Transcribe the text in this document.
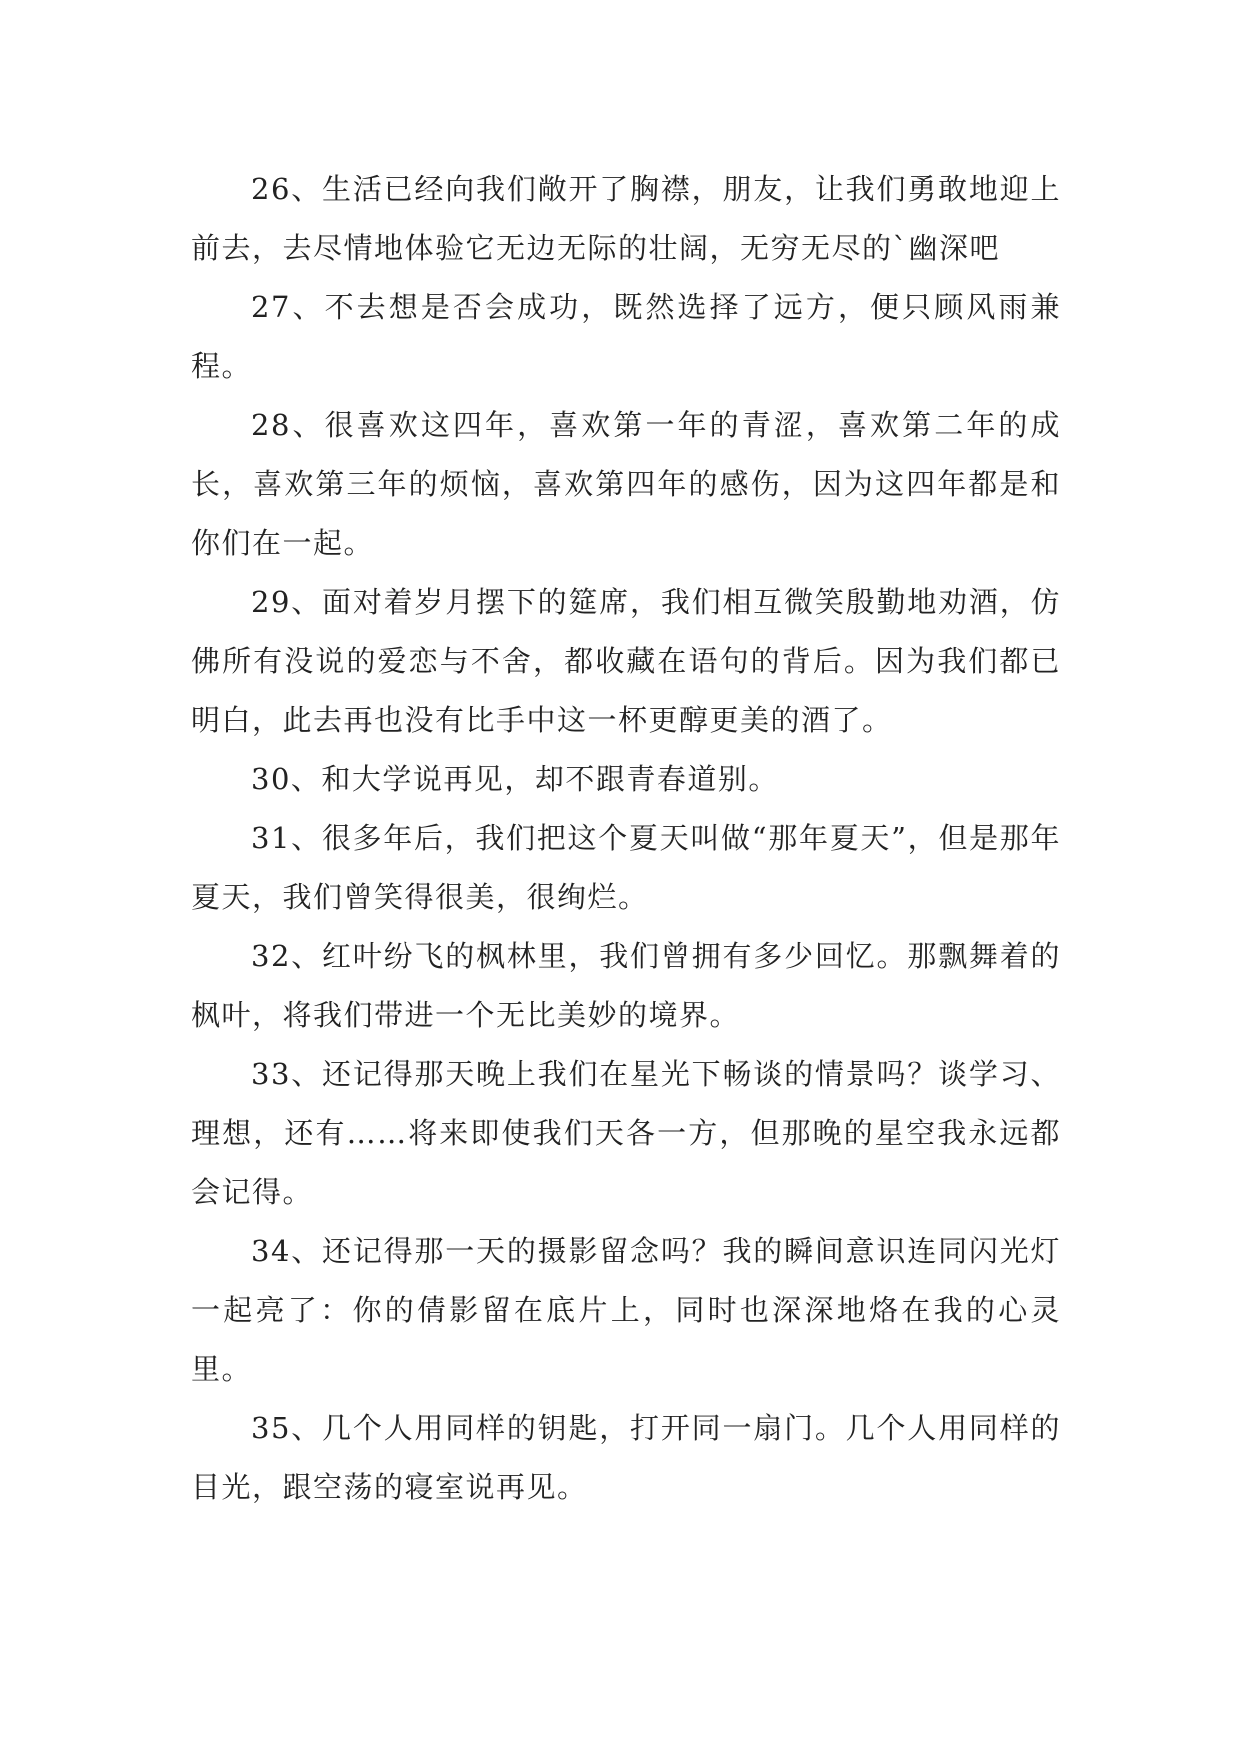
26、生活已经向我们敞开了胸襟，朋友，让我们勇敢地迎上前去，去尽情地体验它无边无际的壮阔，无穷无尽的`幽深吧

27、不去想是否会成功，既然选择了远方，便只顾风雨兼程。

28、很喜欢这四年，喜欢第一年的青涩，喜欢第二年的成长，喜欢第三年的烦恼，喜欢第四年的感伤，因为这四年都是和你们在一起。

29、面对着岁月摆下的筵席，我们相互微笑殷勤地劝酒，仿佛所有没说的爱恋与不舍，都收藏在语句的背后。因为我们都已明白，此去再也没有比手中这一杯更醇更美的酒了。

30、和大学说再见，却不跟青春道别。

31、很多年后，我们把这个夏天叫做“那年夏天”，但是那年夏天，我们曾笑得很美，很绚烂。

32、红叶纷飞的枫林里，我们曾拥有多少回忆。那飘舞着的枫叶，将我们带进一个无比美妙的境界。

33、还记得那天晚上我们在星光下畅谈的情景吗？谈学习、理想，还有……将来即使我们天各一方，但那晚的星空我永远都会记得。

34、还记得那一天的摄影留念吗？我的瞬间意识连同闪光灯一起亮了：你的倩影留在底片上，同时也深深地烙在我的心灵里。

35、几个人用同样的钥匙，打开同一扇门。几个人用同样的目光，跟空荡的寝室说再见。
